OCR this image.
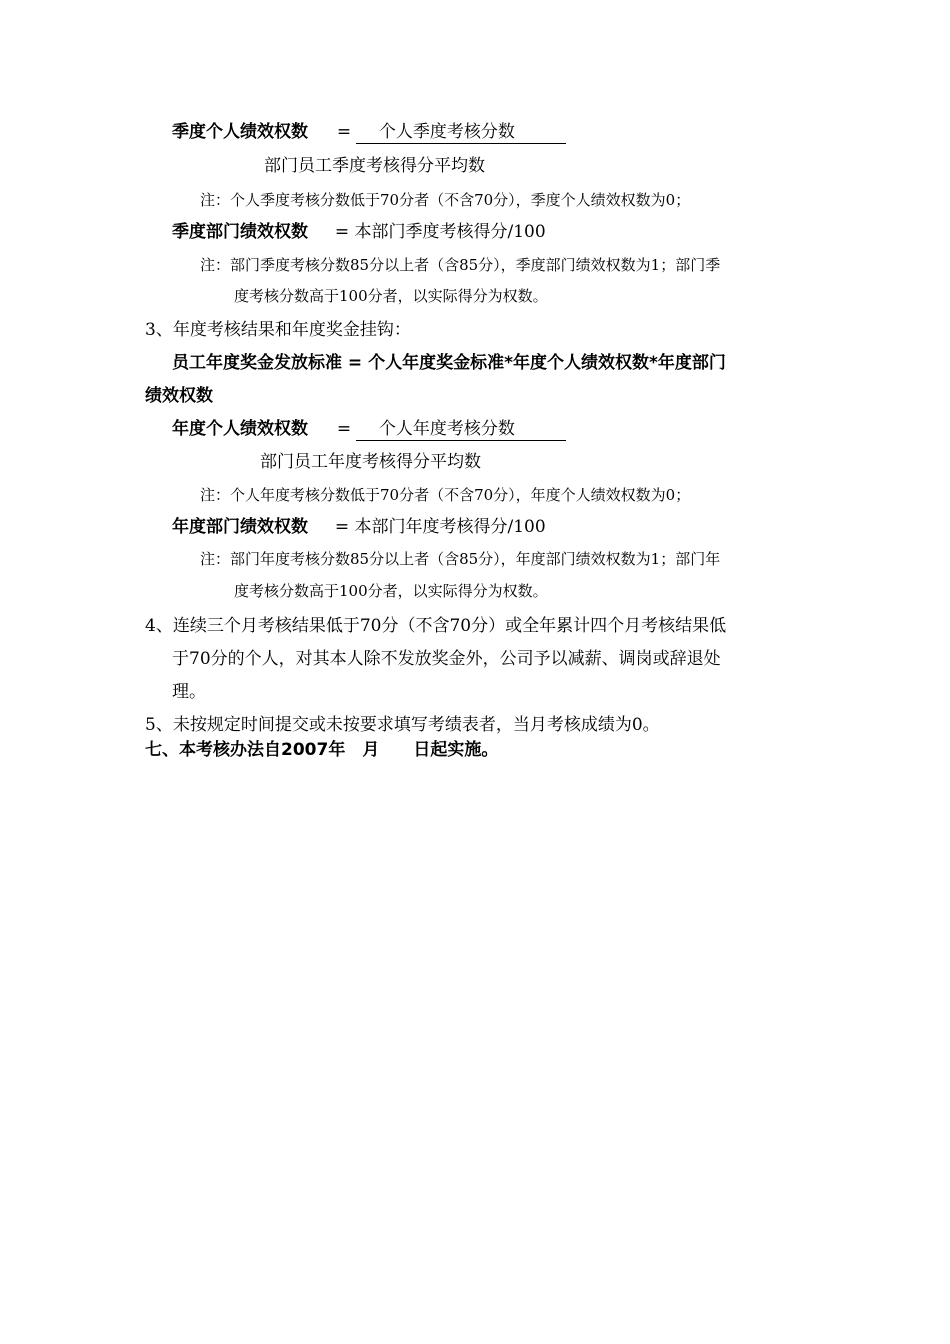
季度个人绩效权数 = 　 个人季度考核分数　　　
部门员工季度考核得分平均数
注：个人季度考核分数低于70分者（不含70分），季度个人绩效权数为0；
季度部门绩效权数 = 本部门季度考核得分/100
注：部门季度考核分数85分以上者（含85分），季度部门绩效权数为1；部门季
度考核分数高于100分者，以实际得分为权数。
3、年度考核结果和年度奖金挂钩：
员工年度奖金发放标准 = 个人年度奖金标准*年度个人绩效权数*年度部门
绩效权数
年度个人绩效权数 = 　 个人年度考核分数　　　
部门员工年度考核得分平均数
注：个人年度考核分数低于70分者（不含70分），年度个人绩效权数为0；
年度部门绩效权数 = 本部门年度考核得分/100
注：部门年度考核分数85分以上者（含85分），年度部门绩效权数为1；部门年
度考核分数高于100分者，以实际得分为权数。
4、连续三个月考核结果低于70分（不含70分）或全年累计四个月考核结果低
于70分的个人，对其本人除不发放奖金外，公司予以减薪、调岗或辞退处
理。
5、未按规定时间提交或未按要求填写考绩表者，当月考核成绩为0。
七、本考核办法自2007年　月　　日起实施。
